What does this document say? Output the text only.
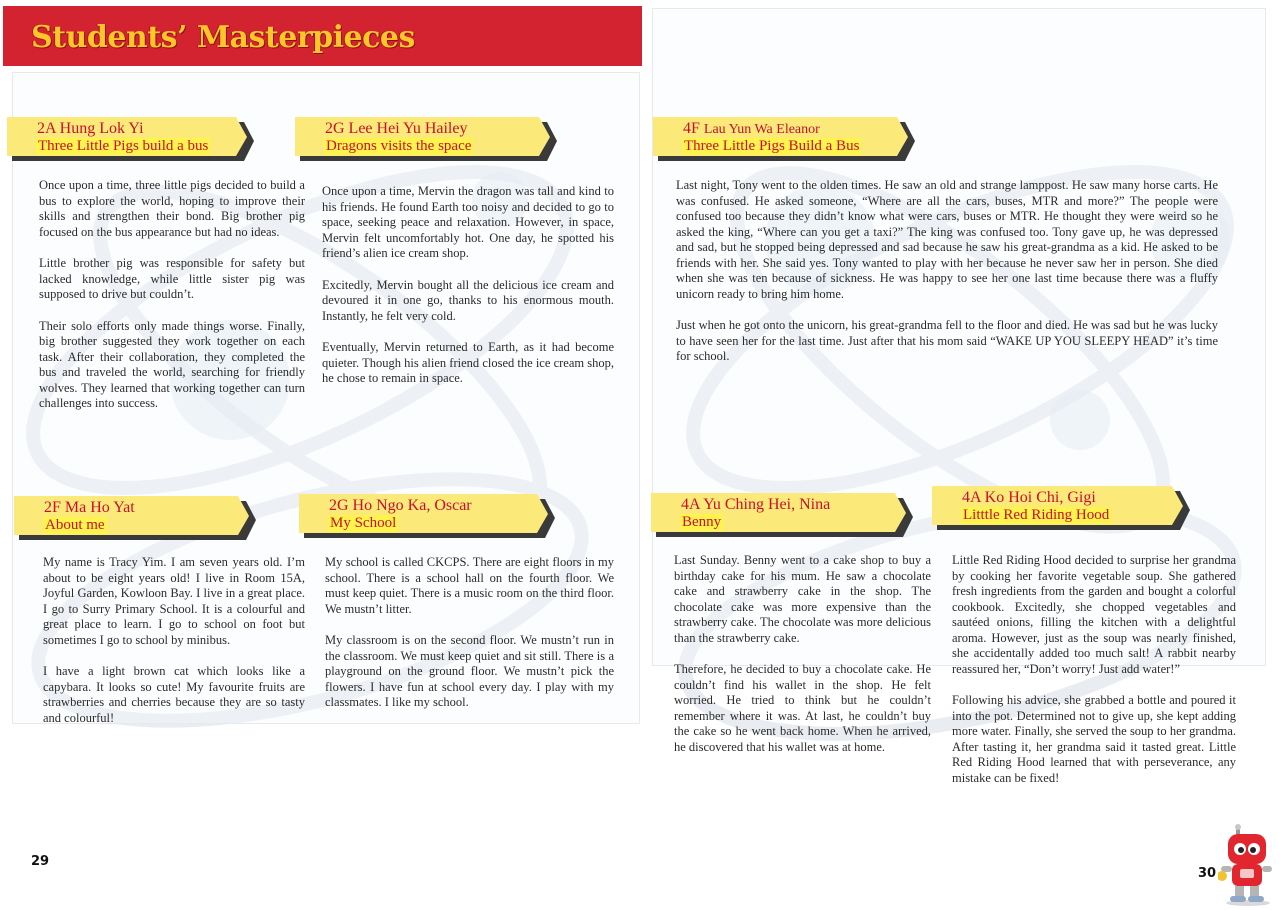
Students’ Masterpieces
2A Hung Lok Yi
Three Little Pigs build a bus

Once upon a time, three little pigs decided to build a bus to explore the world, hoping to improve their skills and strengthen their bond. Big brother pig focused on the bus appearance but had no ideas.

Little brother pig was responsible for safety but lacked knowledge, while little sister pig was supposed to drive but couldn’t.

Their solo efforts only made things worse. Finally, big brother suggested they work together on each task. After their collaboration, they completed the bus and traveled the world, searching for friendly wolves. They learned that working together can turn challenges into success.

2G Lee Hei Yu Hailey
Dragons visits the space

Once upon a time, Mervin the dragon was tall and kind to his friends. He found Earth too noisy and decided to go to space, seeking peace and relaxation. However, in space, Mervin felt uncomfortably hot. One day, he spotted his friend’s alien ice cream shop.

Excitedly, Mervin bought all the delicious ice cream and devoured it in one go, thanks to his enormous mouth. Instantly, he felt very cold.

Eventually, Mervin returned to Earth, as it had become quieter. Though his alien friend closed the ice cream shop, he chose to remain in space.

4F Lau Yun Wa Eleanor
Three Little Pigs Build a Bus

Last night, Tony went to the olden times. He saw an old and strange lamppost. He saw many horse carts. He was confused. He asked someone, “Where are all the cars, buses, MTR and more?” The people were confused too because they didn’t know what were cars, buses or MTR. He thought they were weird so he asked the king, “Where can you get a taxi?” The king was confused too. Tony gave up, he was depressed and sad, but he stopped being depressed and sad because he saw his great-grandma as a kid. He asked to be friends with her. She said yes. Tony wanted to play with her because he never saw her in person. She died when she was ten because of sickness. He was happy to see her one last time because there was a fluffy unicorn ready to bring him home.

Just when he got onto the unicorn, his great-grandma fell to the floor and died. He was sad but he was lucky to have seen her for the last time. Just after that his mom said “WAKE UP YOU SLEEPY HEAD” it’s time for school.

2F Ma Ho Yat
About me

My name is Tracy Yim. I am seven years old. I’m about to be eight years old! I live in Room 15A, Joyful Garden, Kowloon Bay. I live in a great place. I go to Surry Primary School. It is a colourful and great place to learn. I go to school on foot but sometimes I go to school by minibus.

I have a light brown cat which looks like a capybara. It looks so cute! My favourite fruits are strawberries and cherries because they are so tasty and colourful!

2G Ho Ngo Ka, Oscar
My School

My school is called CKCPS. There are eight floors in my school. There is a school hall on the fourth floor. We must keep quiet. There is a music room on the third floor. We mustn’t litter.

My classroom is on the second floor. We mustn’t run in the classroom. We must keep quiet and sit still. There is a playground on the ground floor. We mustn’t pick the flowers. I have fun at school every day. I play with my classmates. I like my school.

4A Yu Ching Hei, Nina
Benny

Last Sunday. Benny went to a cake shop to buy a birthday cake for his mum. He saw a chocolate cake and strawberry cake in the shop. The chocolate cake was more expensive than the strawberry cake. The chocolate was more delicious than the strawberry cake.

Therefore, he decided to buy a chocolate cake. He couldn’t find his wallet in the shop. He felt worried. He tried to think but he couldn’t remember where it was. At last, he couldn’t buy the cake so he went back home. When he arrived, he discovered that his wallet was at home.

4A Ko Hoi Chi, Gigi
Litttle Red Riding Hood

Little Red Riding Hood decided to surprise her grandma by cooking her favorite vegetable soup. She gathered fresh ingredients from the garden and bought a colorful cookbook. Excitedly, she chopped vegetables and sautéed onions, filling the kitchen with a delightful aroma. However, just as the soup was nearly finished, she accidentally added too much salt! A rabbit nearby reassured her, “Don’t worry! Just add water!”

Following his advice, she grabbed a bottle and poured it into the pot. Determined not to give up, she kept adding more water. Finally, she served the soup to her grandma. After tasting it, her grandma said it tasted great. Little Red Riding Hood learned that with perseverance, any mistake can be fixed!

29
30
